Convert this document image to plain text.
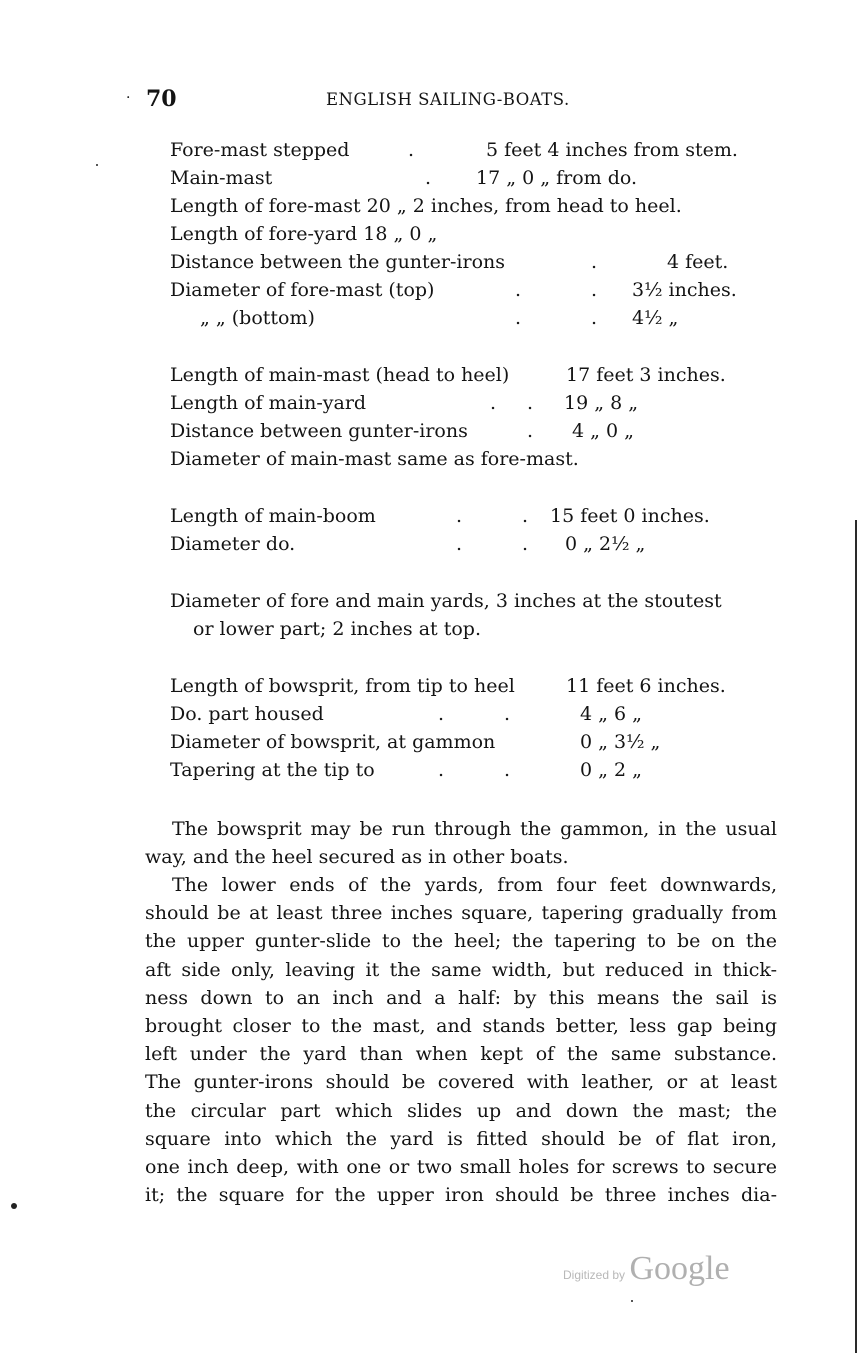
· 70	ENGLISH SAILING-BOATS.
Fore-mast stepped	.	5 feet 4 inches from stem.
Main-mast	. 17 „ 0 „ from do.
Length of fore-mast 20 „ 2 inches, from head to heel.
Length of fore-yard 18 „ 0 „
Distance between the gunter-irons	.	4 feet.
Diameter of fore-mast (top)	.	. 3½ inches.
„ „ (bottom)	.	. 4½ „
Length of main-mast (head to heel)	17 feet 3 inches.
Length of main-yard	. . 19 „ 8 „
Distance between gunter-irons	. 4 „ 0 „
Diameter of main-mast same as fore-mast.
Length of main-boom	.	. 15 feet 0 inches.
Diameter do.	.	. 0 „ 2½ „
Diameter of fore and main yards, 3 inches at the stoutest
or lower part; 2 inches at top.
Length of bowsprit, from tip to heel	11 feet 6 inches.
Do. part housed	.	.	4 „ 6 „
Diameter of bowsprit, at gammon	0 „ 3½ „
Tapering at the tip to	.	.	0 „ 2 „
The bowsprit may be run through the gammon, in the usual
way, and the heel secured as in other boats.
The lower ends of the yards, from four feet downwards,
should be at least three inches square, tapering gradually from
the upper gunter-slide to the heel; the tapering to be on the
aft side only, leaving it the same width, but reduced in thick-
ness down to an inch and a half: by this means the sail is
brought closer to the mast, and stands better, less gap being
left under the yard than when kept of the same substance.
The gunter-irons should be covered with leather, or at least
the circular part which slides up and down the mast; the
square into which the yard is fitted should be of flat iron,
one inch deep, with one or two small holes for screws to secure
it; the square for the upper iron should be three inches dia-
Digitized by Google
